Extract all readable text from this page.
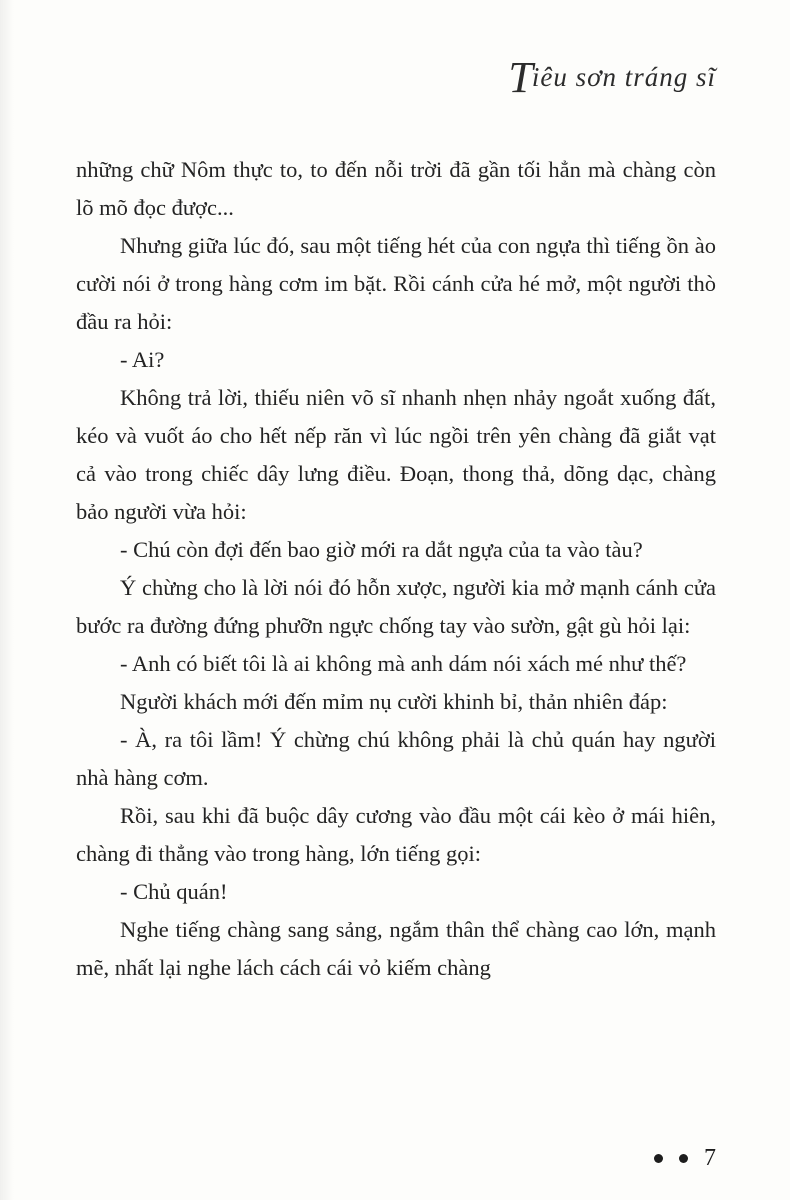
Tiêu sơn tráng sĩ

những chữ Nôm thực to, to đến nỗi trời đã gần tối hẳn mà chàng còn lõ mõ đọc được...

Nhưng giữa lúc đó, sau một tiếng hét của con ngựa thì tiếng ồn ào cười nói ở trong hàng cơm im bặt. Rồi cánh cửa hé mở, một người thò đầu ra hỏi:

- Ai?

Không trả lời, thiếu niên võ sĩ nhanh nhẹn nhảy ngoắt xuống đất, kéo và vuốt áo cho hết nếp răn vì lúc ngồi trên yên chàng đã giắt vạt cả vào trong chiếc dây lưng điều. Đoạn, thong thả, dõng dạc, chàng bảo người vừa hỏi:

- Chú còn đợi đến bao giờ mới ra dắt ngựa của ta vào tàu?

Ý chừng cho là lời nói đó hỗn xược, người kia mở mạnh cánh cửa bước ra đường đứng phưỡn ngực chống tay vào sườn, gật gù hỏi lại:

- Anh có biết tôi là ai không mà anh dám nói xách mé như thế?

Người khách mới đến mỉm nụ cười khinh bỉ, thản nhiên đáp:

- À, ra tôi lầm! Ý chừng chú không phải là chủ quán hay người nhà hàng cơm.

Rồi, sau khi đã buộc dây cương vào đầu một cái kèo ở mái hiên, chàng đi thẳng vào trong hàng, lớn tiếng gọi:

- Chủ quán!

Nghe tiếng chàng sang sảng, ngắm thân thể chàng cao lớn, mạnh mẽ, nhất lại nghe lách cách cái vỏ kiếm chàng

7
